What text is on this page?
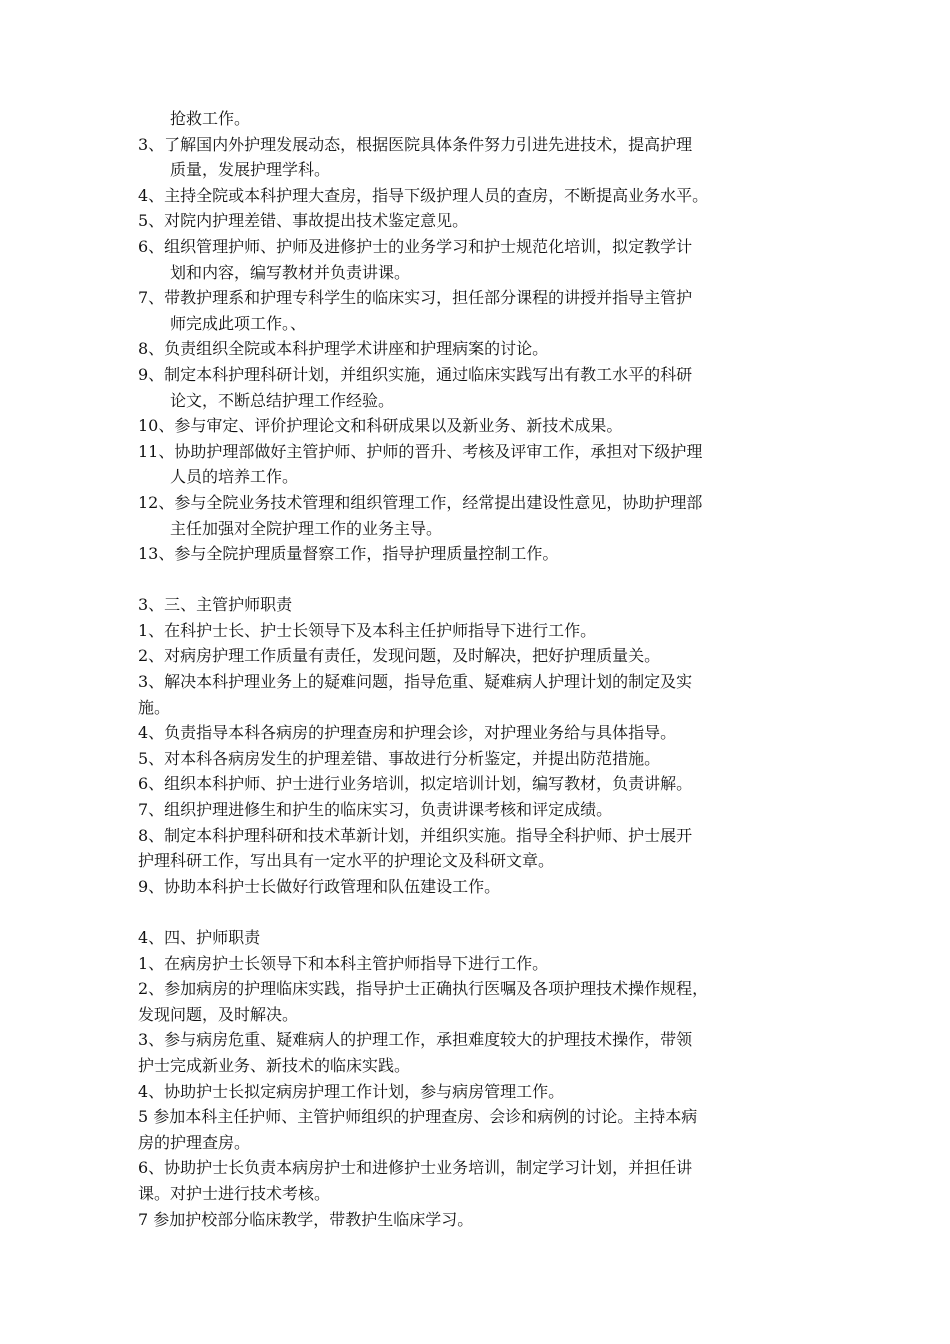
抢救工作。
3、了解国内外护理发展动态，根据医院具体条件努力引进先进技术，提高护理
质量，发展护理学科。
4、主持全院或本科护理大查房，指导下级护理人员的查房，不断提高业务水平。
5、对院内护理差错、事故提出技术鉴定意见。
6、组织管理护师、护师及进修护士的业务学习和护士规范化培训，拟定教学计
划和内容，编写教材并负责讲课。
7、带教护理系和护理专科学生的临床实习，担任部分课程的讲授并指导主管护
师完成此项工作。、
8、负责组织全院或本科护理学术讲座和护理病案的讨论。
9、制定本科护理科研计划，并组织实施，通过临床实践写出有教工水平的科研
论文，不断总结护理工作经验。
10、参与审定、评价护理论文和科研成果以及新业务、新技术成果。
11、协助护理部做好主管护师、护师的晋升、考核及评审工作，承担对下级护理
人员的培养工作。
12、参与全院业务技术管理和组织管理工作，经常提出建设性意见，协助护理部
主任加强对全院护理工作的业务主导。
13、参与全院护理质量督察工作，指导护理质量控制工作。
3、三、主管护师职责
1、在科护士长、护士长领导下及本科主任护师指导下进行工作。
2、对病房护理工作质量有责任，发现问题，及时解决，把好护理质量关。
3、解决本科护理业务上的疑难问题，指导危重、疑难病人护理计划的制定及实
施。
4、负责指导本科各病房的护理查房和护理会诊，对护理业务给与具体指导。
5、对本科各病房发生的护理差错、事故进行分析鉴定，并提出防范措施。
6、组织本科护师、护士进行业务培训，拟定培训计划，编写教材，负责讲解。
7、组织护理进修生和护生的临床实习，负责讲课考核和评定成绩。
8、制定本科护理科研和技术革新计划，并组织实施。指导全科护师、护士展开
护理科研工作，写出具有一定水平的护理论文及科研文章。
9、协助本科护士长做好行政管理和队伍建设工作。
4、四、护师职责
1、在病房护士长领导下和本科主管护师指导下进行工作。
2、参加病房的护理临床实践，指导护士正确执行医嘱及各项护理技术操作规程，
发现问题，及时解决。
3、参与病房危重、疑难病人的护理工作，承担难度较大的护理技术操作，带领
护士完成新业务、新技术的临床实践。
4、协助护士长拟定病房护理工作计划，参与病房管理工作。
5 参加本科主任护师、主管护师组织的护理查房、会诊和病例的讨论。主持本病
房的护理查房。
6、协助护士长负责本病房护士和进修护士业务培训，制定学习计划，并担任讲
课。对护士进行技术考核。
7 参加护校部分临床教学，带教护生临床学习。
